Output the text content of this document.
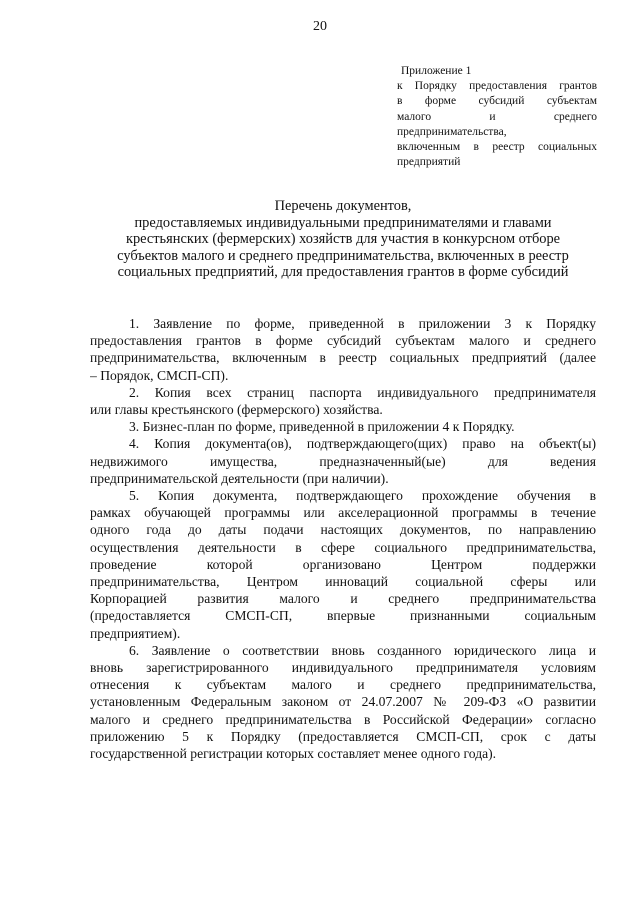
20
Приложение 1
к Порядку предоставления грантов
в форме субсидий субъектам
малого и среднего
предпринимательства,
включенным в реестр социальных
предприятий
Перечень документов,
предоставляемых индивидуальными предпринимателями и главами
крестьянских (фермерских) хозяйств для участия в конкурсном отборе
субъектов малого и среднего предпринимательства, включенных в реестр
социальных предприятий, для предоставления грантов в форме субсидий
1. Заявление по форме, приведенной в приложении 3 к Порядку
предоставления грантов в форме субсидий субъектам малого и среднего
предпринимательства, включенным в реестр социальных предприятий (далее
– Порядок, СМСП-СП).
2. Копия всех страниц паспорта индивидуального предпринимателя
или главы крестьянского (фермерского) хозяйства.
3. Бизнес-план по форме, приведенной в приложении 4 к Порядку.
4. Копия документа(ов), подтверждающего(щих) право на объект(ы)
недвижимого имущества, предназначенный(ые) для ведения
предпринимательской деятельности (при наличии).
5. Копия документа, подтверждающего прохождение обучения в
рамках обучающей программы или акселерационной программы в течение
одного года до даты подачи настоящих документов, по направлению
осуществления деятельности в сфере социального предпринимательства,
проведение которой организовано Центром поддержки
предпринимательства, Центром инноваций социальной сферы или
Корпорацией развития малого и среднего предпринимательства
(предоставляется СМСП-СП, впервые признанными социальным
предприятием).
6. Заявление о соответствии вновь созданного юридического лица и
вновь зарегистрированного индивидуального предпринимателя условиям
отнесения к субъектам малого и среднего предпринимательства,
установленным Федеральным законом от 24.07.2007 № 209-ФЗ «О развитии
малого и среднего предпринимательства в Российской Федерации» согласно
приложению 5 к Порядку (предоставляется СМСП-СП, срок с даты
государственной регистрации которых составляет менее одного года).
